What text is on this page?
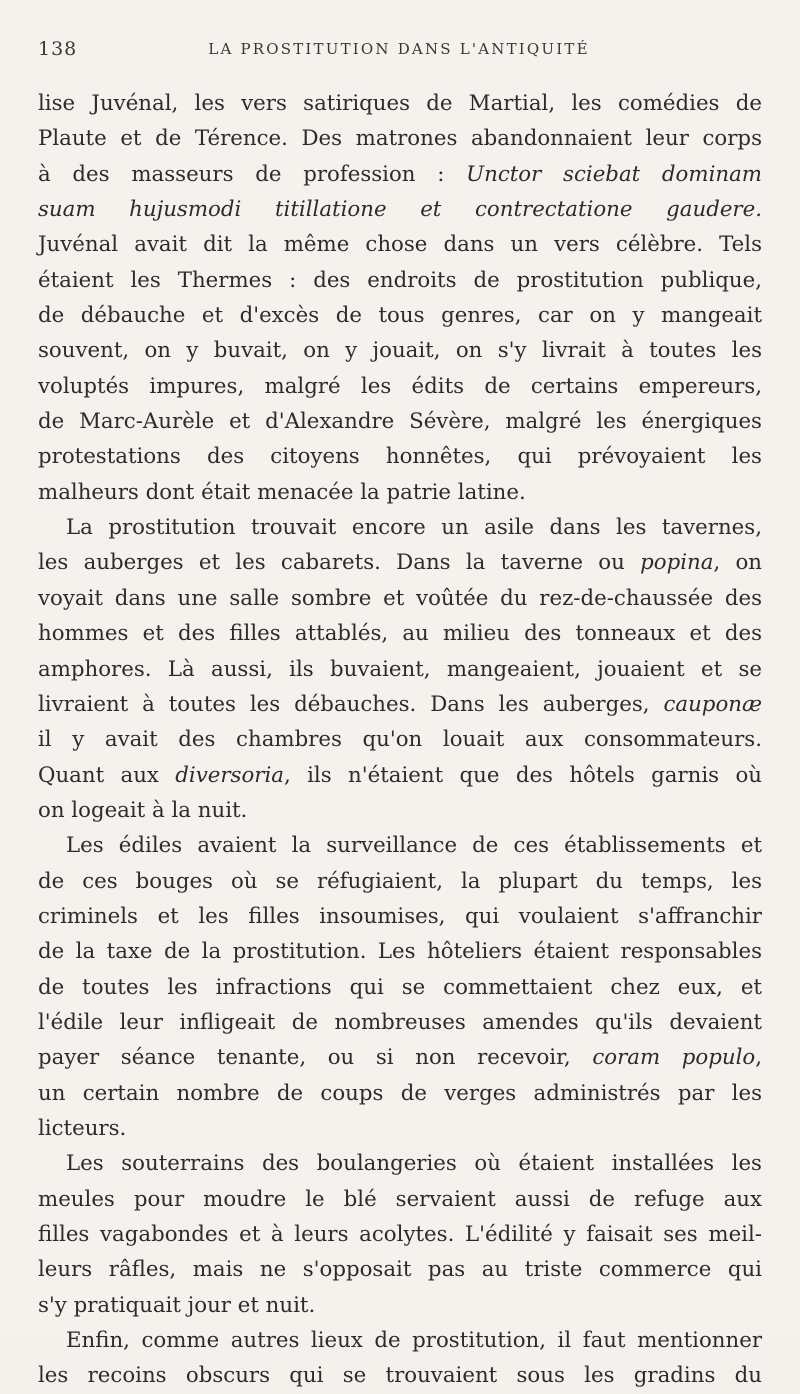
138	LA PROSTITUTION DANS L'ANTIQUITÉ
lise Juvénal, les vers satiriques de Martial, les comédies de
Plaute et de Térence. Des matrones abandonnaient leur corps
à des masseurs de profession : Unctor sciebat dominam
suam hujusmodi titillatione et contrectatione gaudere.
Juvénal avait dit la même chose dans un vers célèbre. Tels
étaient les Thermes : des endroits de prostitution publique,
de débauche et d'excès de tous genres, car on y mangeait
souvent, on y buvait, on y jouait, on s'y livrait à toutes les
voluptés impures, malgré les édits de certains empereurs,
de Marc-Aurèle et d'Alexandre Sévère, malgré les énergiques
protestations des citoyens honnêtes, qui prévoyaient les
malheurs dont était menacée la patrie latine.
La prostitution trouvait encore un asile dans les tavernes,
les auberges et les cabarets. Dans la taverne ou popina, on
voyait dans une salle sombre et voûtée du rez-de-chaussée des
hommes et des filles attablés, au milieu des tonneaux et des
amphores. Là aussi, ils buvaient, mangeaient, jouaient et se
livraient à toutes les débauches. Dans les auberges, cauponæ
il y avait des chambres qu'on louait aux consommateurs.
Quant aux diversoria, ils n'étaient que des hôtels garnis où
on logeait à la nuit.
Les édiles avaient la surveillance de ces établissements et
de ces bouges où se réfugiaient, la plupart du temps, les
criminels et les filles insoumises, qui voulaient s'affranchir
de la taxe de la prostitution. Les hôteliers étaient responsables
de toutes les infractions qui se commettaient chez eux, et
l'édile leur infligeait de nombreuses amendes qu'ils devaient
payer séance tenante, ou si non recevoir, coram populo,
un certain nombre de coups de verges administrés par les
licteurs.
Les souterrains des boulangeries où étaient installées les
meules pour moudre le blé servaient aussi de refuge aux
filles vagabondes et à leurs acolytes. L'édilité y faisait ses meil-
leurs râfles, mais ne s'opposait pas au triste commerce qui
s'y pratiquait jour et nuit.
Enfin, comme autres lieux de prostitution, il faut mentionner
les recoins obscurs qui se trouvaient sous les gradins du
